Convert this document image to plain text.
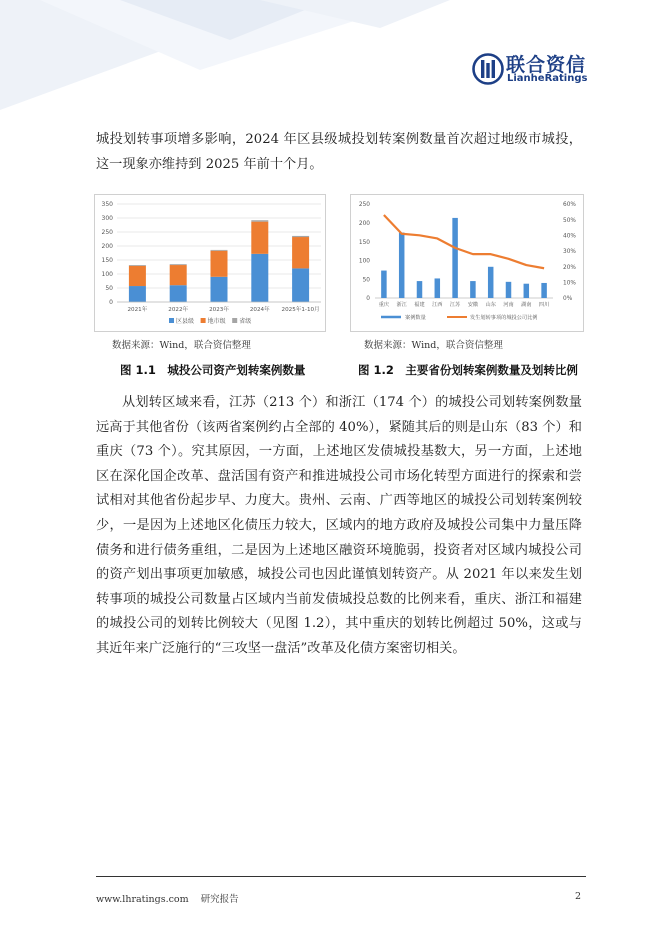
联合资信
LianheRatings

城投划转事项增多影响，2024 年区县级城投划转案例数量首次超过地级市城投，这一现象亦维持到 2025 年前十个月。

0
50
100
150
200
250
300
350
2021年	2022年	2023年	2024年 2025年1-10月
区县级 地市级 省级
0
50
100
150
200
250
0%
10%
20%
30%
40%
50%
60%
重庆 浙江 福建 江西 江苏 安徽 山东 河南 湖南 四川
案例数量	发生划转事项的城投公司比例
数据来源：Wind，联合资信整理	数据来源：Wind，联合资信整理
图 1.1　城投公司资产划转案例数量	图 1.2　主要省份划转案例数量及划转比例

从划转区域来看，江苏（213 个）和浙江（174 个）的城投公司划转案例数量远高于其他省份（该两省案例约占全部的 40%），紧随其后的则是山东（83 个）和重庆（73 个）。究其原因，一方面，上述地区发债城投基数大，另一方面，上述地区在深化国企改革、盘活国有资产和推进城投公司市场化转型方面进行的探索和尝试相对其他省份起步早、力度大。贵州、云南、广西等地区的城投公司划转案例较少，一是因为上述地区化债压力较大，区域内的地方政府及城投公司集中力量压降债务和进行债务重组，二是因为上述地区融资环境脆弱，投资者对区域内城投公司的资产划出事项更加敏感，城投公司也因此谨慎划转资产。从 2021 年以来发生划转事项的城投公司数量占区域内当前发债城投总数的比例来看，重庆、浙江和福建的城投公司的划转比例较大（见图 1.2），其中重庆的划转比例超过 50%，这或与其近年来广泛施行的“三攻坚一盘活”改革及化债方案密切相关。

www.lhratings.com 研究报告	2
